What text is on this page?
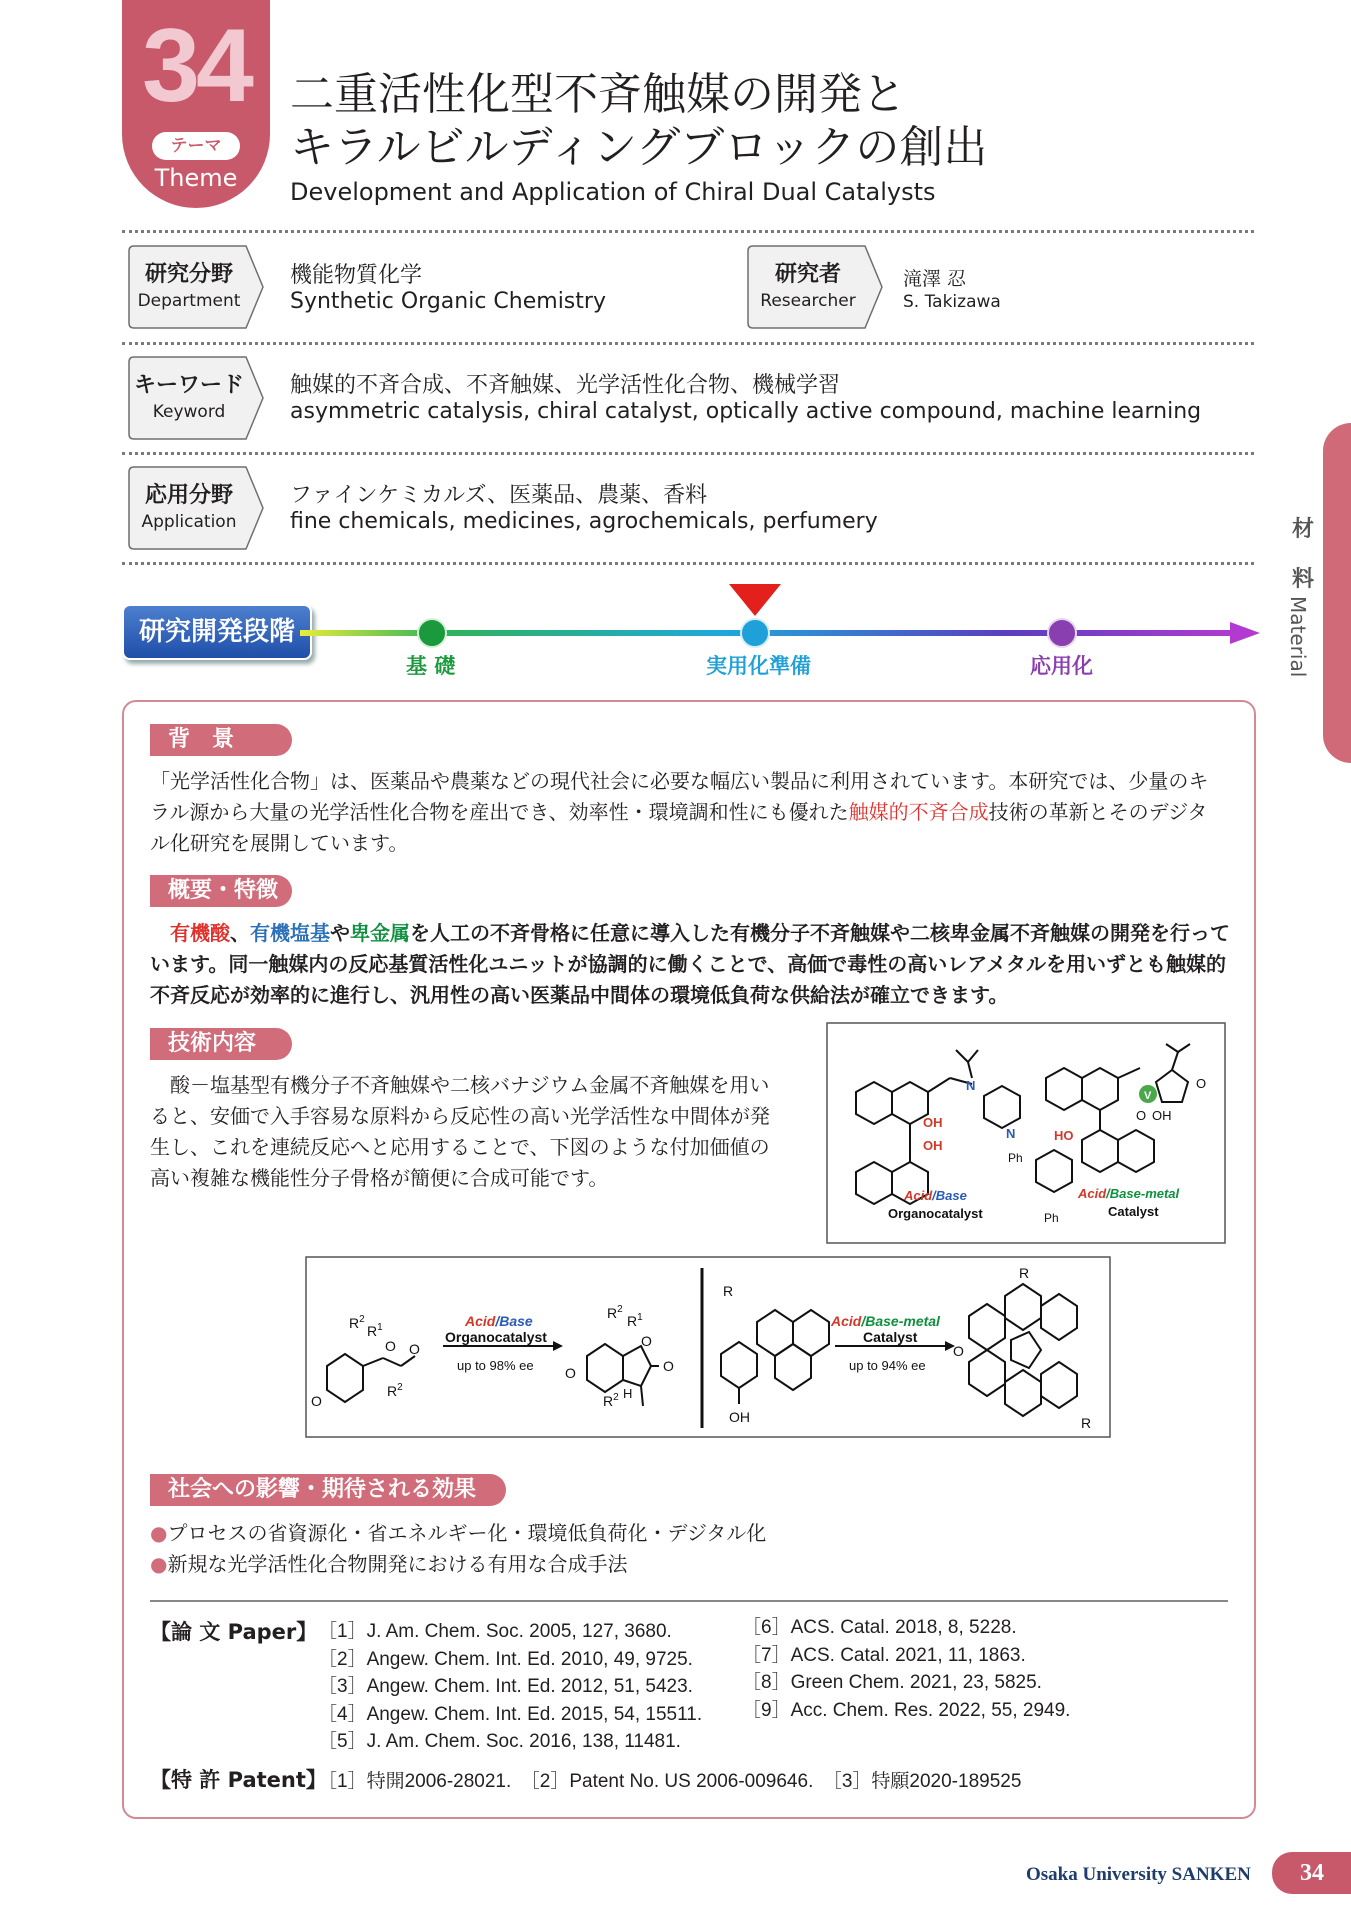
34
テーマ
Theme
二重活性化型不斉触媒の開発と
キラルビルディングブロックの創出
Development and Application of Chiral Dual Catalysts
研究分野
Department
機能物質化学
Synthetic Organic Chemistry
研究者
Researcher
滝澤 忍
S. Takizawa
キーワード
Keyword
触媒的不斉合成、不斉触媒、光学活性化合物、機械学習
asymmetric catalysis, chiral catalyst, optically active compound, machine learning
応用分野
Application
ファインケミカルズ、医薬品、農薬、香料
fine chemicals, medicines, agrochemicals, perfumery	材
料
Material
研究開発段階
基 礎	実用化準備	応用化
背　景
「光学活性化合物」は、医薬品や農薬などの現代社会に必要な幅広い製品に利用されています。本研究では、少量のキラル源から大量の光学活性化合物を産出でき、効率性・環境調和性にも優れた触媒的不斉合成技術の革新とそのデジタル化研究を展開しています。
概要・特徴
有機酸、有機塩基や卑金属を人工の不斉骨格に任意に導入した有機分子不斉触媒や二核卑金属不斉触媒の開発を行っています。同一触媒内の反応基質活性化ユニットが協調的に働くことで、高価で毒性の高いレアメタルを用いずとも触媒的不斉反応が効率的に進行し、汎用性の高い医薬品中間体の環境低負荷な供給法が確立できます。
技術内容
　酸－塩基型有機分子不斉触媒や二核バナジウム金属不斉触媒を用いると、安価で入手容易な原料から反応性の高い光学活性な中間体が発生し、これを連続反応へと応用することで、下図のような付加価値の高い複雑な機能性分子骨格が簡便に合成可能です。
OH
OH
N
N
Acid/Base
Organocatalyst
V
O
O OH
HO
Ph
Ph
Acid/Base-metal
Catalyst
$R^2$
$R^1$
O O
O
$R^2$
Acid/Base
Organocatalyst
up to 98% ee
$R^2$
$R^1$
O
O
O
H
$R^2$
R
OH
Acid/Base-metal
Catalyst
up to 94% ee
R
O
R
社会への影響・期待される効果
●プロセスの省資源化・省エネルギー化・環境低負荷化・デジタル化
●新規な光学活性化合物開発における有用な合成手法
【論 文 Paper】 ［1］J. Am. Chem. Soc. 2005, 127, 3680.
［2］Angew. Chem. Int. Ed. 2010, 49, 9725.
［3］Angew. Chem. Int. Ed. 2012, 51, 5423.
［4］Angew. Chem. Int. Ed. 2015, 54, 15511.
［5］J. Am. Chem. Soc. 2016, 138, 11481.
［6］ACS. Catal. 2018, 8, 5228.
［7］ACS. Catal. 2021, 11, 1863.
［8］Green Chem. 2021, 23, 5825.
［9］Acc. Chem. Res. 2022, 55, 2949.
【特 許 Patent】
［1］特開2006-28021.　［2］Patent No. US 2006-009646.　［3］特願2020-189525
Osaka University SANKEN	34
